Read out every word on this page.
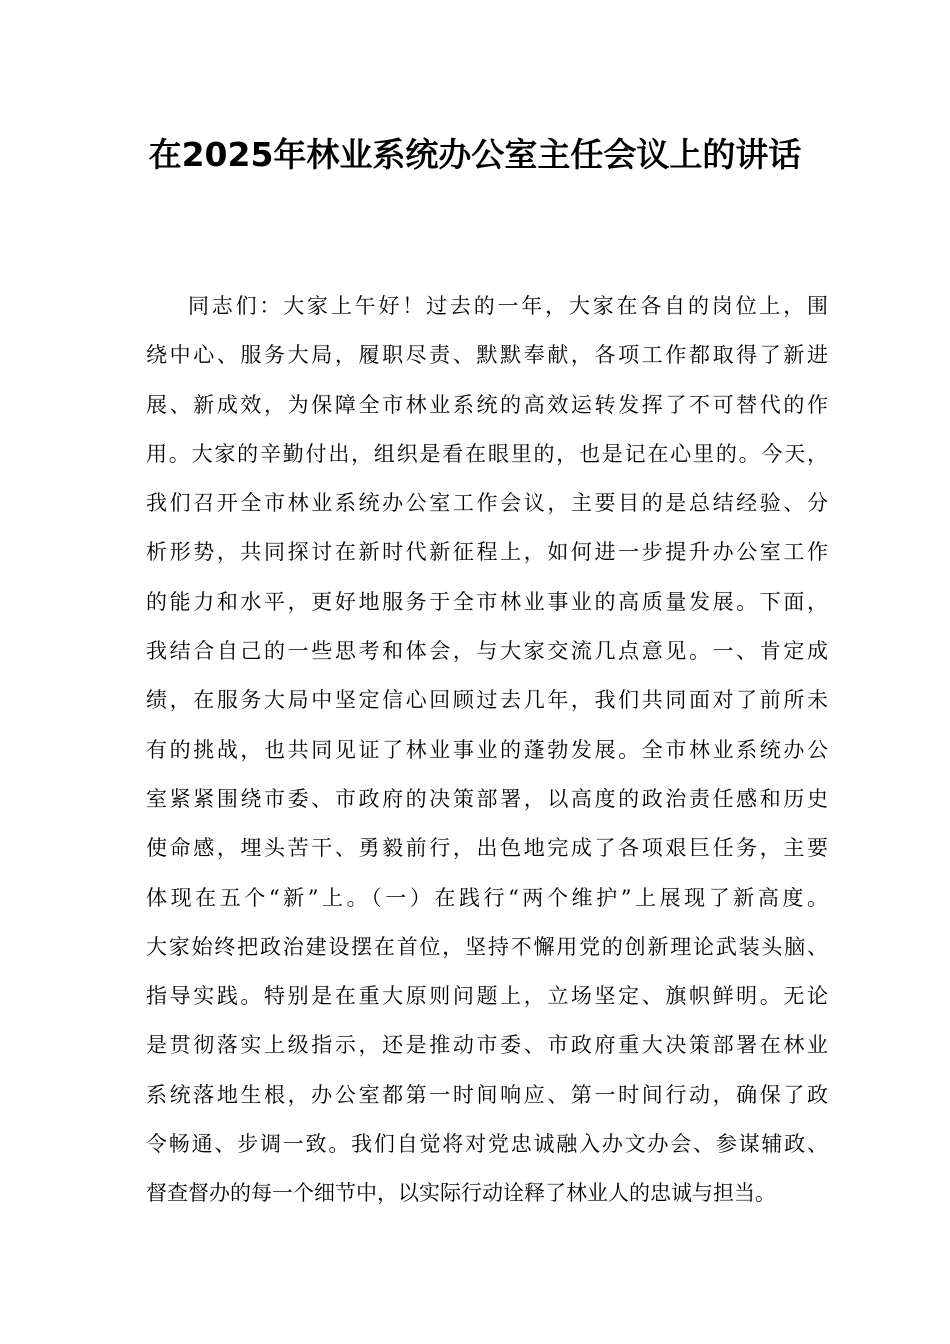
在2025年林业系统办公室主任会议上的讲话
同志们：大家上午好！过去的一年，大家在各自的岗位上，围
绕中心、服务大局，履职尽责、默默奉献，各项工作都取得了新进
展、新成效，为保障全市林业系统的高效运转发挥了不可替代的作
用。大家的辛勤付出，组织是看在眼里的，也是记在心里的。今天，
我们召开全市林业系统办公室工作会议，主要目的是总结经验、分
析形势，共同探讨在新时代新征程上，如何进一步提升办公室工作
的能力和水平，更好地服务于全市林业事业的高质量发展。下面，
我结合自己的一些思考和体会，与大家交流几点意见。一、肯定成
绩，在服务大局中坚定信心回顾过去几年，我们共同面对了前所未
有的挑战，也共同见证了林业事业的蓬勃发展。全市林业系统办公
室紧紧围绕市委、市政府的决策部署，以高度的政治责任感和历史
使命感，埋头苦干、勇毅前行，出色地完成了各项艰巨任务，主要
体现在五个“新”上。（一）在践行“两个维护”上展现了新高度。
大家始终把政治建设摆在首位，坚持不懈用党的创新理论武装头脑、
指导实践。特别是在重大原则问题上，立场坚定、旗帜鲜明。无论
是贯彻落实上级指示，还是推动市委、市政府重大决策部署在林业
系统落地生根，办公室都第一时间响应、第一时间行动，确保了政
令畅通、步调一致。我们自觉将对党忠诚融入办文办会、参谋辅政、
督查督办的每一个细节中，以实际行动诠释了林业人的忠诚与担当。
